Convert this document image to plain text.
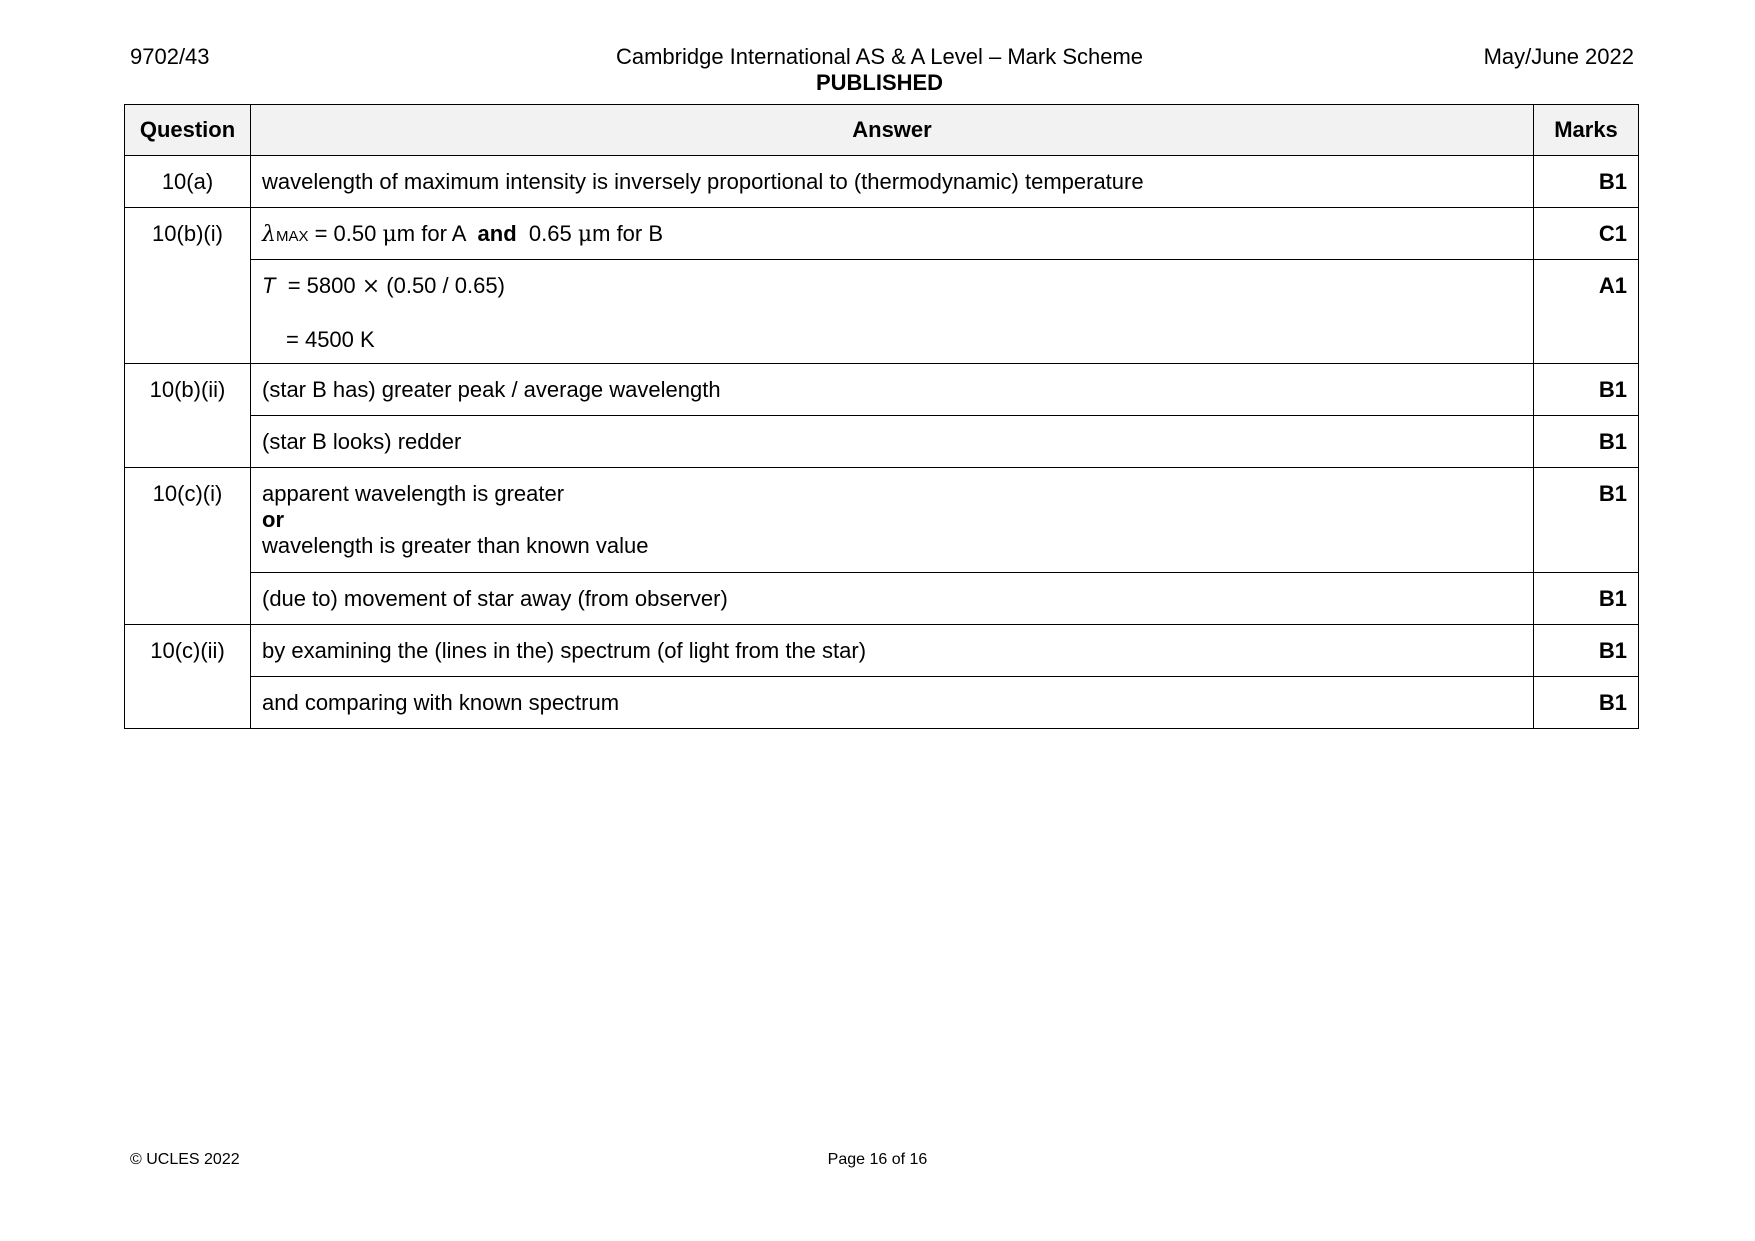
9702/43	Cambridge International AS & A Level – Mark Scheme
PUBLISHED
May/June 2022
Question	Answer	Marks
10(a)	wavelength of maximum intensity is inversely proportional to (thermodynamic) temperature	B1
10(b)(i)	λMAX = 0.50 μm for A  and  0.65 μm for B	C1

	T  = 5800 × (0.50 / 0.65)
= 4500 K	A1
10(b)(ii)	(star B has) greater peak / average wavelength	B1
	(star B looks) redder	B1
10(c)(i)	apparent wavelength is greater
or
wavelength is greater than known value	B1
	(due to) movement of star away (from observer)	B1
10(c)(ii)	by examining the (lines in the) spectrum (of light from the star)	B1
	and comparing with known spectrum	B1
© UCLES 2022	Page 16 of 16
